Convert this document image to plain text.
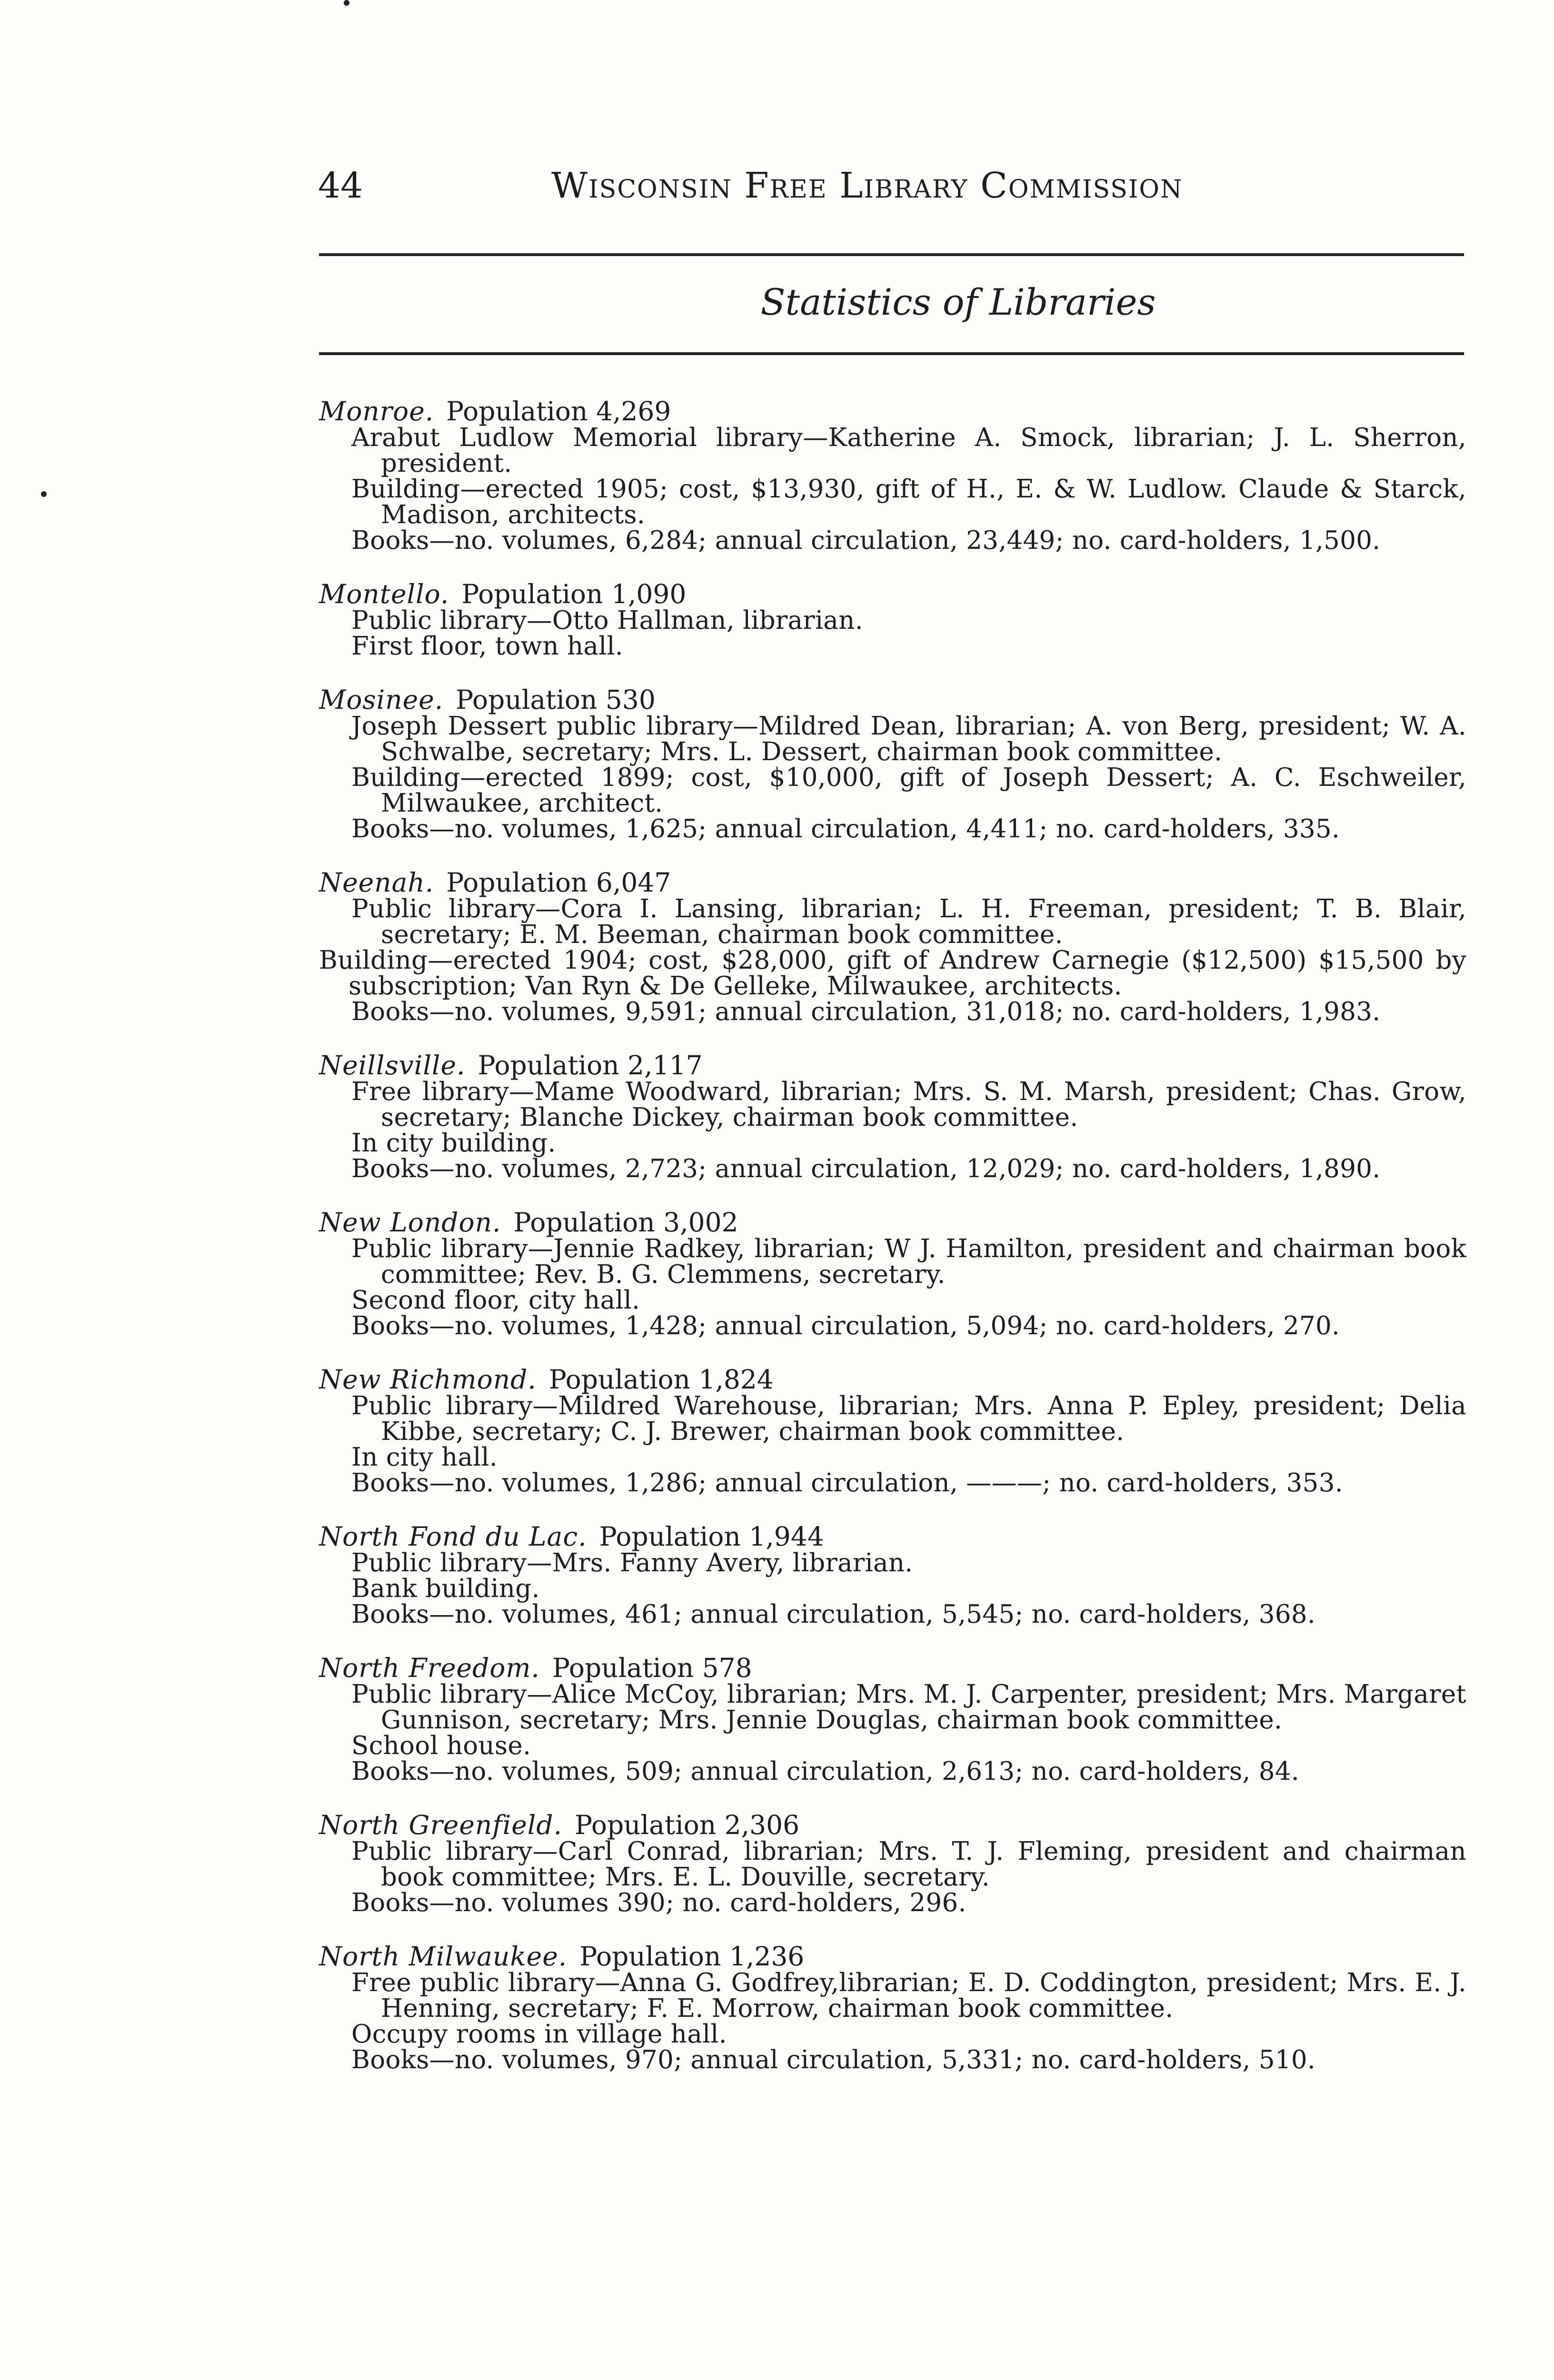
44	Wisconsin Free Library Commission
Statistics of Libraries
Monroe. Population 4,269
Arabut Ludlow Memorial library—Katherine A. Smock, librarian; J. L. Sherron, president.
Building—erected 1905; cost, $13,930, gift of H., E. & W. Ludlow. Claude & Starck, Madison, architects.
Books—no. volumes, 6,284; annual circulation, 23,449; no. card-holders, 1,500.
Montello. Population 1,090
Public library—Otto Hallman, librarian.
First floor, town hall.
Mosinee. Population 530
Joseph Dessert public library—Mildred Dean, librarian; A. von Berg, president; W. A. Schwalbe, secretary; Mrs. L. Dessert, chairman book committee.
Building—erected 1899; cost, $10,000, gift of Joseph Dessert; A. C. Eschweiler, Milwaukee, architect.
Books—no. volumes, 1,625; annual circulation, 4,411; no. card-holders, 335.
Neenah. Population 6,047
Public library—Cora I. Lansing, librarian; L. H. Freeman, president; T. B. Blair, secretary; E. M. Beeman, chairman book committee.
Building—erected 1904; cost, $28,000, gift of Andrew Carnegie ($12,500) $15,500 by subscription; Van Ryn & De Gelleke, Milwaukee, architects.
Books—no. volumes, 9,591; annual circulation, 31,018; no. card-holders, 1,983.
Neillsville. Population 2,117
Free library—Mame Woodward, librarian; Mrs. S. M. Marsh, president; Chas. Grow, secretary; Blanche Dickey, chairman book committee.
In city building.
Books—no. volumes, 2,723; annual circulation, 12,029; no. card-holders, 1,890.
New London. Population 3,002
Public library—Jennie Radkey, librarian; W J. Hamilton, president and chairman book committee; Rev. B. G. Clemmens, secretary.
Second floor, city hall.
Books—no. volumes, 1,428; annual circulation, 5,094; no. card-holders, 270.
New Richmond. Population 1,824
Public library—Mildred Warehouse, librarian; Mrs. Anna P. Epley, president; Delia Kibbe, secretary; C. J. Brewer, chairman book committee.
In city hall.
Books—no. volumes, 1,286; annual circulation, ———; no. card-holders, 353.
North Fond du Lac. Population 1,944
Public library—Mrs. Fanny Avery, librarian.
Bank building.
Books—no. volumes, 461; annual circulation, 5,545; no. card-holders, 368.
North Freedom. Population 578
Public library—Alice McCoy, librarian; Mrs. M. J. Carpenter, president; Mrs. Margaret Gunnison, secretary; Mrs. Jennie Douglas, chairman book committee.
School house.
Books—no. volumes, 509; annual circulation, 2,613; no. card-holders, 84.
North Greenfield. Population 2,306
Public library—Carl Conrad, librarian; Mrs. T. J. Fleming, president and chairman book committee; Mrs. E. L. Douville, secretary.
Books—no. volumes 390; no. card-holders, 296.
North Milwaukee. Population 1,236
Free public library—Anna G. Godfrey,librarian; E. D. Coddington, president; Mrs. E. J. Henning, secretary; F. E. Morrow, chairman book committee.
Occupy rooms in village hall.
Books—no. volumes, 970; annual circulation, 5,331; no. card-holders, 510.
